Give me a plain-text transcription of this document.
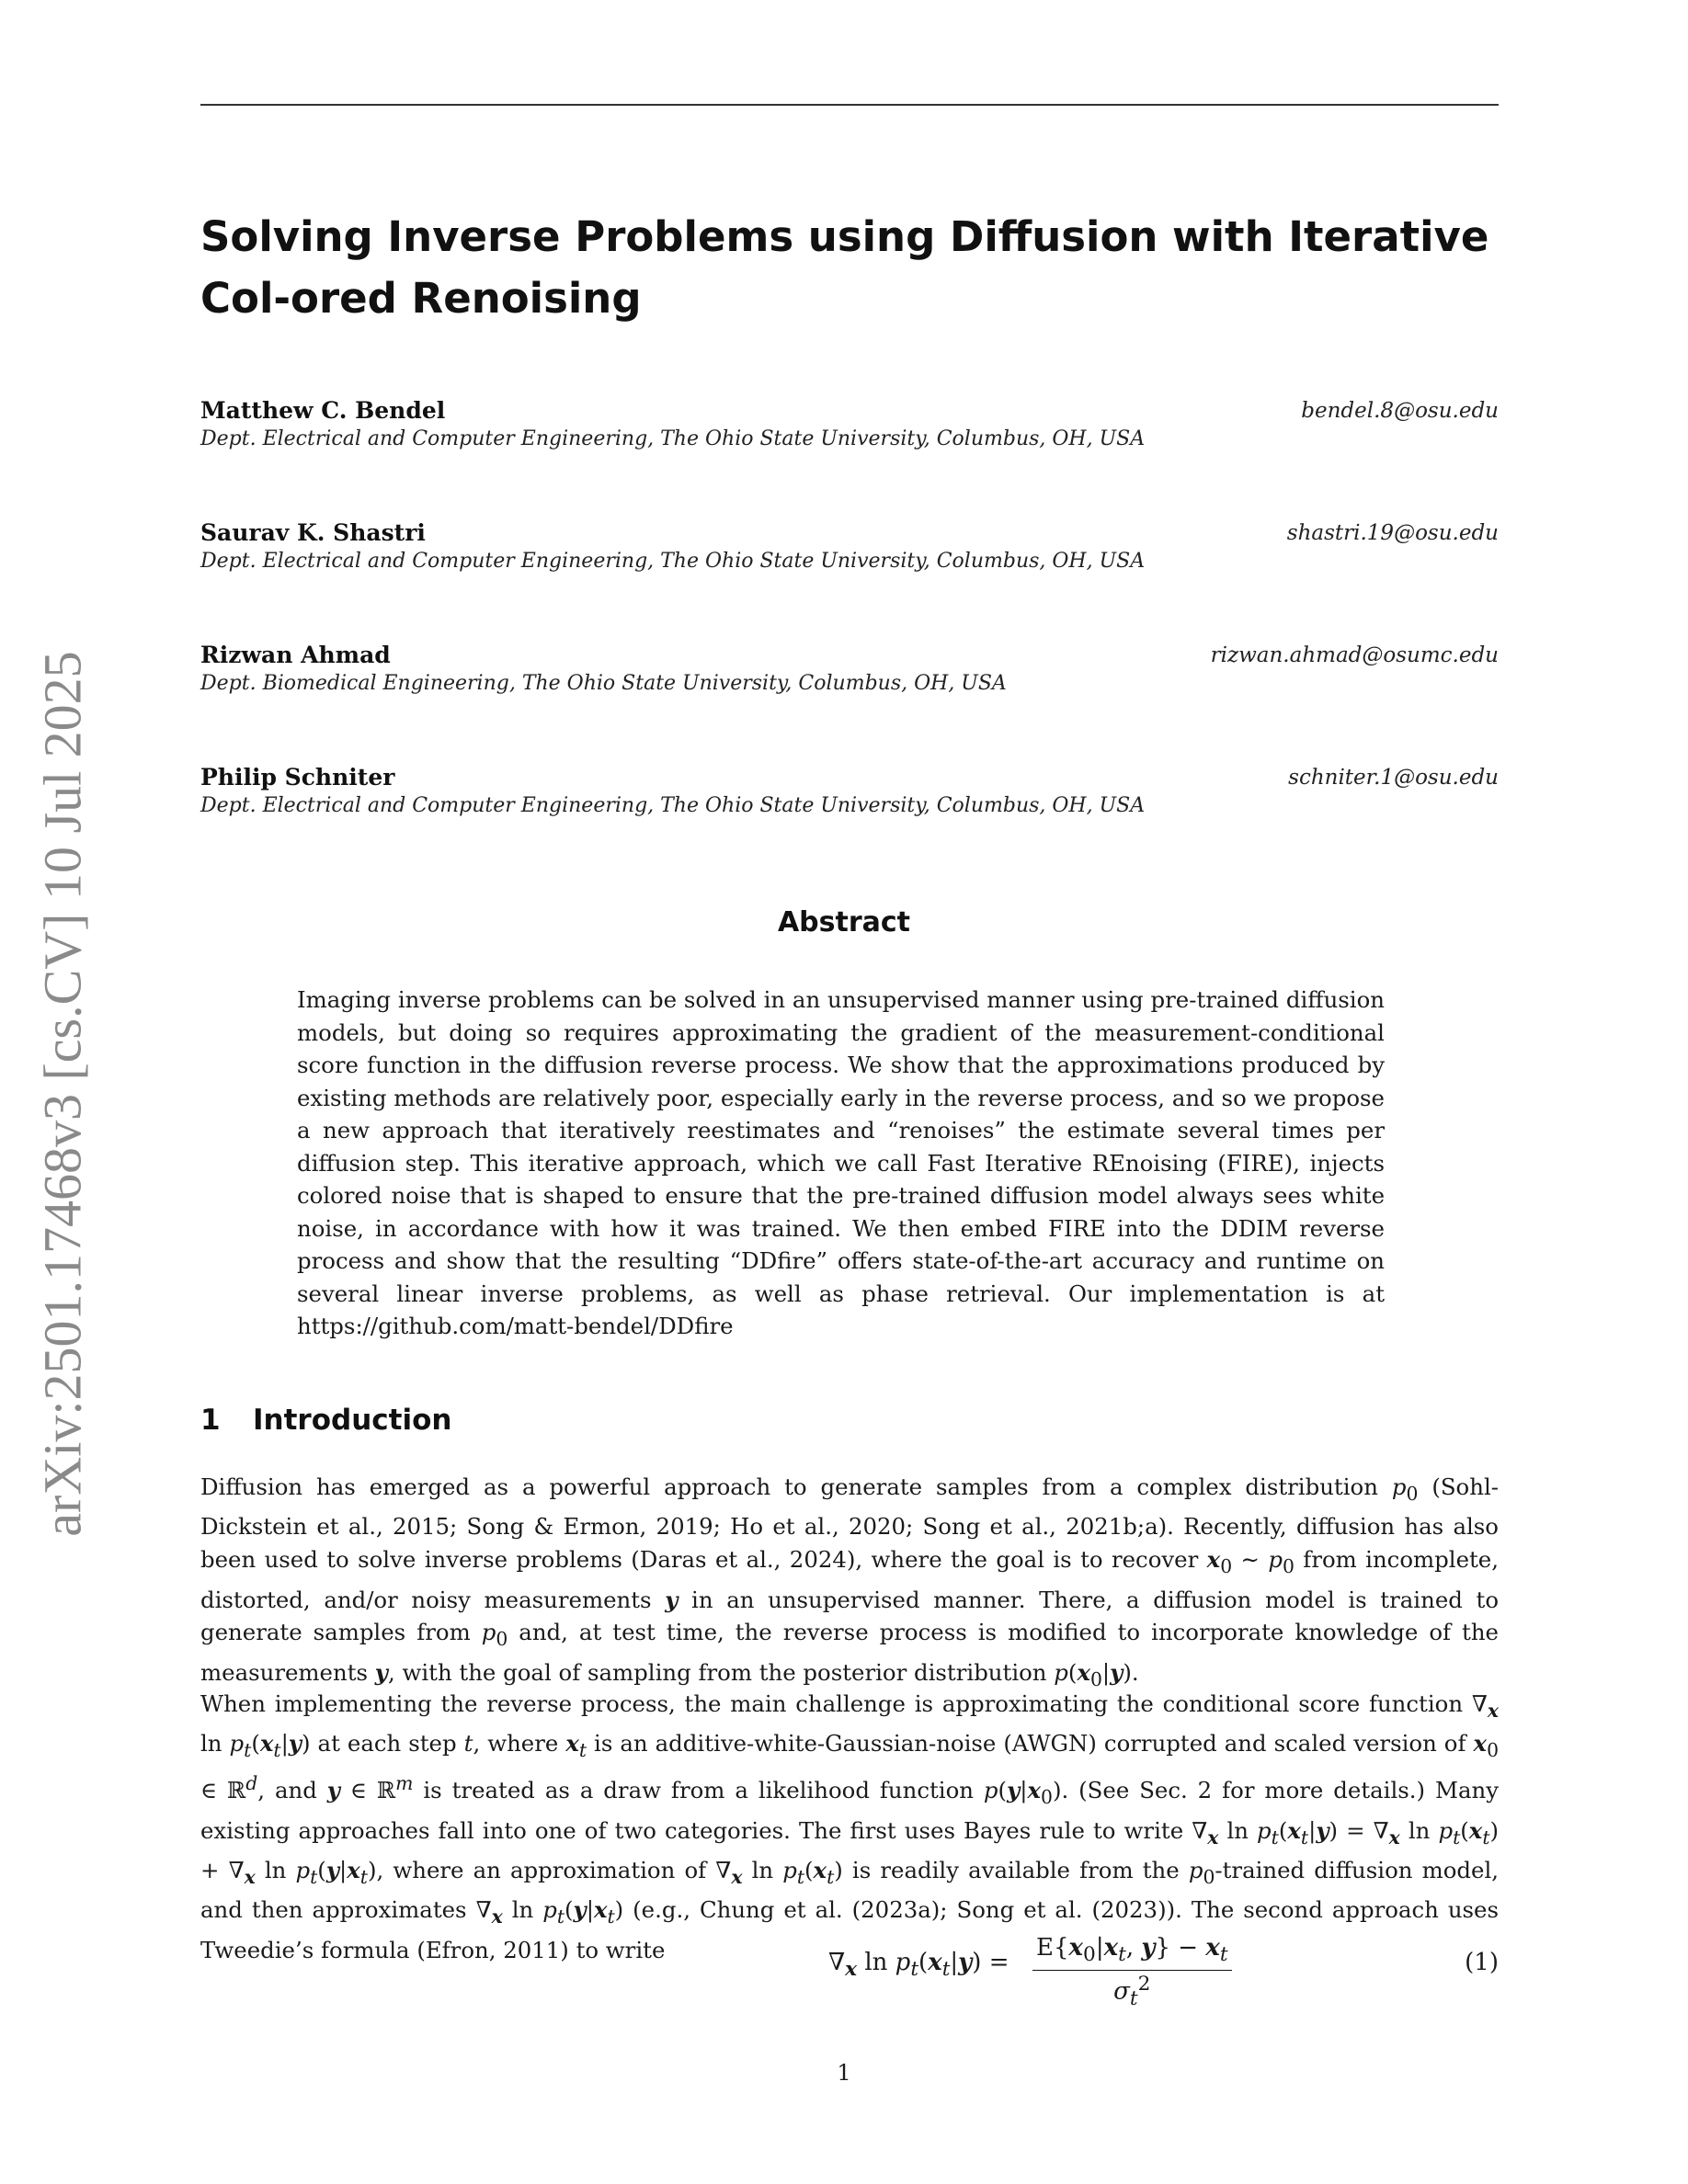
arXiv:2501.17468v3 [cs.CV] 10 Jul 2025
Solving Inverse Problems using Diffusion with Iterative Col-ored Renoising
Matthew C. Bendel	bendel.8@osu.edu
Dept. Electrical and Computer Engineering, The Ohio State University, Columbus, OH, USA
Saurav K. Shastri	shastri.19@osu.edu
Dept. Electrical and Computer Engineering, The Ohio State University, Columbus, OH, USA
Rizwan Ahmad	rizwan.ahmad@osumc.edu
Dept. Biomedical Engineering, The Ohio State University, Columbus, OH, USA
Philip Schniter	schniter.1@osu.edu
Dept. Electrical and Computer Engineering, The Ohio State University, Columbus, OH, USA
Abstract

Imaging inverse problems can be solved in an unsupervised manner using pre-trained diffusion models, but doing so requires approximating the gradient of the measurement-conditional score function in the diffusion reverse process. We show that the approximations produced by existing methods are relatively poor, especially early in the reverse process, and so we propose a new approach that iteratively reestimates and “renoises” the estimate several times per diffusion step. This iterative approach, which we call Fast Iterative REnoising (FIRE), injects colored noise that is shaped to ensure that the pre-trained diffusion model always sees white noise, in accordance with how it was trained. We then embed FIRE into the DDIM reverse process and show that the resulting “DDfire” offers state-of-the-art accuracy and runtime on several linear inverse problems, as well as phase retrieval. Our implementation is at https://github.com/matt-bendel/DDfire

1 Introduction

Diffusion has emerged as a powerful approach to generate samples from a complex distribution $p_0$ (Sohl-Dickstein et al., 2015; Song & Ermon, 2019; Ho et al., 2020; Song et al., 2021b;a). Recently, diffusion has also been used to solve inverse problems (Daras et al., 2024), where the goal is to recover $x_0$ ∼ $p_0$ from incomplete, distorted, and/or noisy measurements y in an unsupervised manner. There, a diffusion model is trained to generate samples from $p_0$ and, at test time, the reverse process is modified to incorporate knowledge of the measurements y, with the goal of sampling from the posterior distribution $p(x_0|y)$.

When implementing the reverse process, the main challenge is approximating the conditional score function $\nabla_x$ $\ln p_t(x_t|y)$ at each step t, where $x_t$ is an additive-white-Gaussian-noise (AWGN) corrupted and scaled version of $x_0$ ∈ ℝ$^d$, and y ∈ ℝ$^m$ is treated as a draw from a likelihood function $p(y|x_0)$. (See Sec. 2 for more details.) Many existing approaches fall into one of two categories. The first uses Bayes rule to write $\nabla_x$ $\ln p_t(x_t|y) = \nabla_x$ $\ln p_t(x_t) + \nabla_x$ $\ln p_t(y|x_t)$, where an approximation of $\nabla_x$ $\ln p_t(x_t)$ is readily available from the $p_0$-trained diffusion model, and then approximates $\nabla_x$ $\ln p_t(y|x_t)$ (e.g., Chung et al. (2023a); Song et al. (2023)). The second approach uses Tweedie’s formula (Efron, 2011) to write	$\nabla_x$ $\ln p_t(x_t|y)$ =
$E\{x_0|x_t$, $y\} - x_t$
$\sigma_t^2$
(1)
1
